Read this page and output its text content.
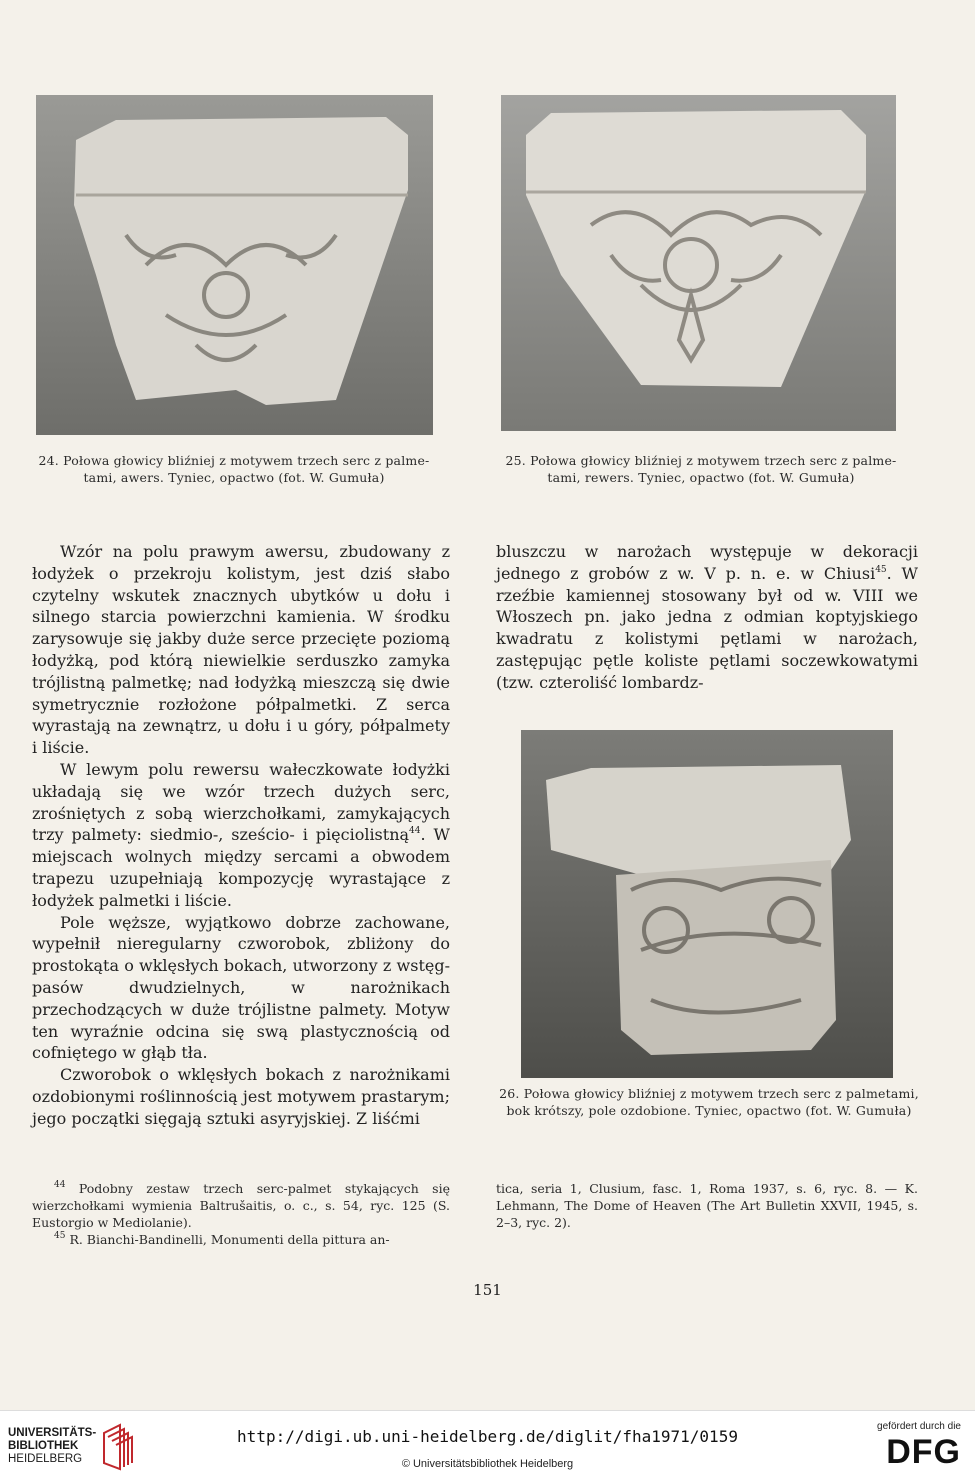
24. Połowa głowicy bliźniej z motywem trzech serc z palme-
tami, awers. Tyniec, opactwo (fot. W. Gumuła)
25. Połowa głowicy bliźniej z motywem trzech serc z palme-
tami, rewers. Tyniec, opactwo (fot. W. Gumuła)

Wzór na polu prawym awersu, zbudowany z łodyżek o przekroju kolistym, jest dziś słabo czytelny wskutek znacznych ubytków u dołu i silnego starcia powierzchni kamienia. W środku zarysowuje się jakby duże serce przecięte poziomą łodyżką, pod którą niewielkie serduszko zamyka trójlistną palmetkę; nad łodyżką mieszczą się dwie symetrycznie rozłożone półpalmetki. Z serca wyrastają na zewnątrz, u dołu i u góry, półpalmety i liście.

W lewym polu rewersu wałeczkowate łodyżki układają się we wzór trzech dużych serc, zrośniętych z sobą wierzchołkami, zamykających trzy palmety: siedmio-, sześcio- i pięciolistną$^{44}$. W miejscach wolnych między sercami a obwodem trapezu uzupełniają kompozycję wyrastające z łodyżek palmetki i liście.

Pole węższe, wyjątkowo dobrze zachowane, wypełnił nieregularny czworobok, zbliżony do prostokąta o wklęsłych bokach, utworzony z wstęg-pasów dwudzielnych, w narożnikach przechodzących w duże trójlistne palmety. Motyw ten wyraźnie odcina się swą plastycznością od cofniętego w głąb tła.

Czworobok o wklęsłych bokach z narożnikami ozdobionymi roślinnością jest motywem prastarym; jego początki sięgają sztuki asyryjskiej. Z liśćmi

bluszczu w narożach występuje w dekoracji jednego z grobów z w. V p. n. e. w Chiusi$^{45}$. W rzeźbie kamiennej stosowany był od w. VIII we Włoszech pn. jako jedna z odmian koptyjskiego kwadratu z kolistymi pętlami w narożach, zastępując pętle koliste pętlami soczewkowatymi (tzw. czteroliść lombardz-

26. Połowa głowicy bliźniej z motywem trzech serc z palmetami,
bok krótszy, pole ozdobione. Tyniec, opactwo (fot. W. Gumuła)

$^{44}$ Podobny zestaw trzech serc-palmet stykających się wierzchołkami wymienia Baltrušaitis, o. c., s. 54, ryc. 125 (S. Eustorgio w Mediolanie).

$^{45}$ R. Bianchi-Bandinelli, Monumenti della pittura an-

tica, seria 1, Clusium, fasc. 1, Roma 1937, s. 6, ryc. 8. — K. Lehmann, The Dome of Heaven (The Art Bulletin XXVII, 1945, s. 2–3, ryc. 2).

151
UNIVERSITÄTS-
BIBLIOTHEK
HEIDELBERG
http://digi.ub.uni-heidelberg.de/diglit/fha1971/0159
© Universitätsbibliothek Heidelberg
gefördert durch die
DFG
